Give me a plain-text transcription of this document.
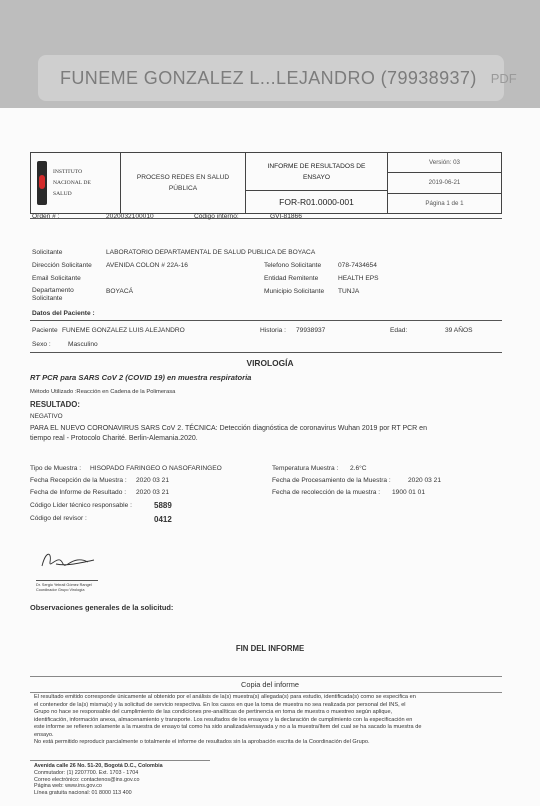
FUNEME GONZALEZ L...LEJANDRO (79938937) PDF
INSTITUTO
NACIONAL DE
SALUD
PROCESO REDES EN SALUD PÚBLICA
INFORME DE RESULTADOS DE ENSAYO
FOR-R01.0000-001
Versión: 03
2019-06-21
Página 1 de 1
Orden # :	2020032100010	Código interno:	GVI-81866
Solicitante	LABORATORIO DEPARTAMENTAL DE SALUD PUBLICA DE BOYACA
Dirección Solicitante AVENIDA COLON # 22A-16	Telefono Solicitante	078-7434654
Email Solicitante	Entidad Remitente	HEALTH EPS
Departamento Solicitante
BOYACÁ	Municipio Solicitante TUNJA
Datos del Paciente :
Paciente FUNEME GONZALEZ LUIS ALEJANDRO	Historia : 79938937	Edad:	39 AÑOS
Sexo :	Masculino
VIROLOGÍA
RT PCR para SARS CoV 2 (COVID 19) en muestra respiratoria
Método Utilizado :Reacción en Cadena de la Polimerasa
RESULTADO:
NEGATIVO
PARA EL NUEVO CORONAVIRUS SARS CoV 2. TÉCNICA: Detección diagnóstica de coronavirus Wuhan 2019 por RT PCR en
tiempo real - Protocolo Charité. Berlin-Alemania.2020.
Tipo de Muestra : HISOPADO FARINGEO O NASOFARINGEO	Temperatura Muestra : 2.6°C
Fecha Recepción de la Muestra : 2020 03 21	Fecha de Procesamiento de la Muestra :	2020 03 21
Fecha de Informe de Resultado : 2020 03 21	Fecha de recolección de la muestra : 1900 01 01
Código Líder técnico responsable :	5889
Código del revisor :	0412
Dr. Sergio Yebrail Gómez Rangel
Coordinador Grupo Virología
Observaciones generales de la solicitud:
FIN DEL INFORME
Copia del informe
El resultado emitido corresponde únicamente al obtenido por el análisis de la(s) muestra(s) allegada(s) para estudio, identificada(s) como se especifica en
el contenedor de la(s) misma(s) y la solicitud de servicio respectiva. En los casos en que la toma de muestra no sea realizada por personal del INS, el
Grupo no hace se responsable del cumplimiento de las condiciones pre-analíticas de pertinencia en toma de muestra o muestreo según aplique,
identificación, información anexa, almacenamiento y transporte. Los resultados de los ensayos y la declaración de cumplimiento con la especificación en
este informe se refieren solamente a la muestra de ensayo tal como ha sido analizada/ensayada y no a la muestra/ítem del cual se ha sacado la muestra de
ensayo.
No está permitido reproducir parcialmente o totalmente el informe de resultados sin la aprobación escrita de la Coordinación del Grupo.
Avenida calle 26 No. 51-20, Bogotá D.C., Colombia
Conmutador: (1) 2207700. Ext. 1703 - 1704
Correo electrónico: contactenos@ins.gov.co
Página web: www.ins.gov.co
Línea gratuita nacional: 01 8000 113 400
